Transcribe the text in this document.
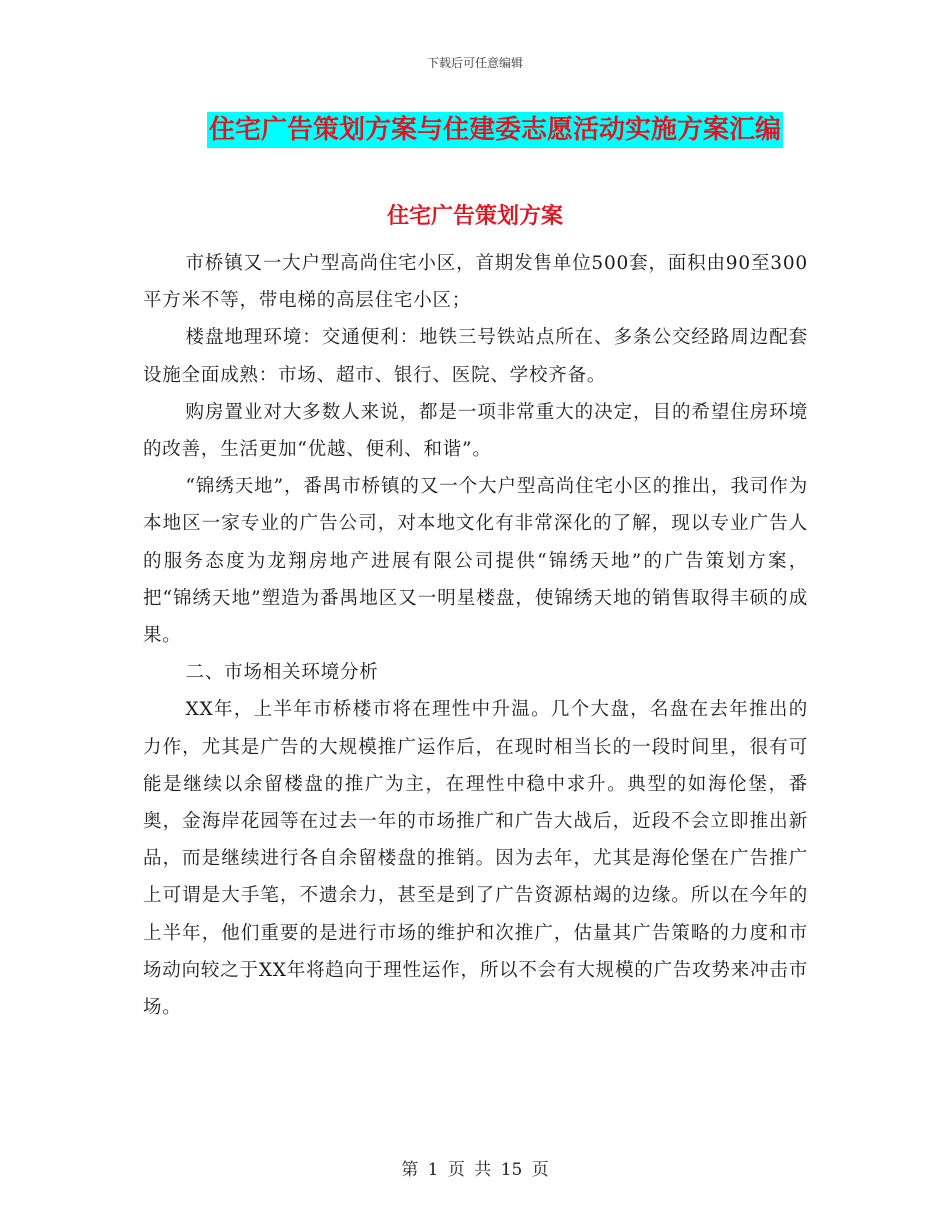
下载后可任意编辑
住宅广告策划方案与住建委志愿活动实施方案汇编
住宅广告策划方案

市桥镇又一大户型高尚住宅小区，首期发售单位500套，面积由90至300平方米不等，带电梯的高层住宅小区；

楼盘地理环境：交通便利：地铁三号铁站点所在、多条公交经路周边配套设施全面成熟：市场、超市、银行、医院、学校齐备。

购房置业对大多数人来说，都是一项非常重大的决定，目的希望住房环境的改善，生活更加“优越、便利、和谐”。

“锦绣天地”，番禺市桥镇的又一个大户型高尚住宅小区的推出，我司作为本地区一家专业的广告公司，对本地文化有非常深化的了解，现以专业广告人的服务态度为龙翔房地产进展有限公司提供“锦绣天地”的广告策划方案，把“锦绣天地”塑造为番禺地区又一明星楼盘，使锦绣天地的销售取得丰硕的成果。

二、市场相关环境分析

XX年，上半年市桥楼市将在理性中升温。几个大盘，名盘在去年推出的力作，尤其是广告的大规模推广运作后，在现时相当长的一段时间里，很有可能是继续以余留楼盘的推广为主，在理性中稳中求升。典型的如海伦堡，番奥，金海岸花园等在过去一年的市场推广和广告大战后，近段不会立即推出新品，而是继续进行各自余留楼盘的推销。因为去年，尤其是海伦堡在广告推广上可谓是大手笔，不遗余力，甚至是到了广告资源枯竭的边缘。所以在今年的上半年，他们重要的是进行市场的维护和次推广，估量其广告策略的力度和市场动向较之于XX年将趋向于理性运作，所以不会有大规模的广告攻势来冲击市场。

第 1 页 共 15 页
